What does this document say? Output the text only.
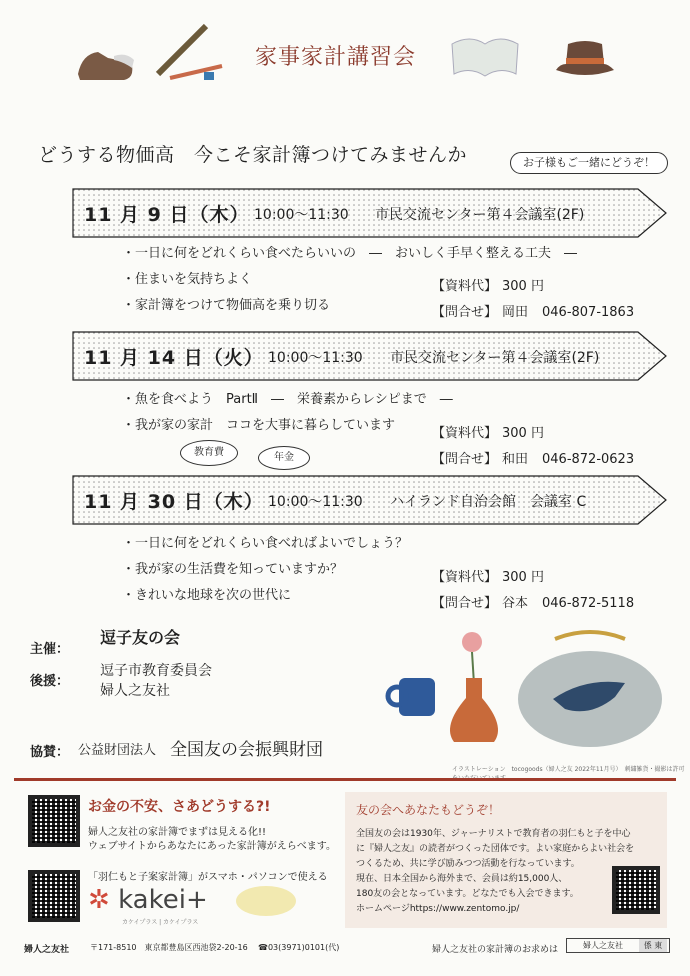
家事家計講習会
どうする物価高　今こそ家計簿つけてみませんか	お子様もご一緒にどうぞ！
11 月 9 日（木） 10:00〜11:30 市民交流センター第４会議室(2F)
・一日に何をどれくらい食べたらいいの　―　おいしく手早く整える工夫　―
・住まいを気持ちよく
・家計簿をつけて物価高を乗り切る
【資料代】 300 円
【問合せ】 岡田 046-807-1863
11 月 14 日（火） 10:00〜11:30 市民交流センター第４会議室(2F)
・魚を食べよう　PartⅡ　―　栄養素からレシピまで　―
・我が家の家計　ココを大事に暮らしています
教育費	年金
【資料代】 300 円
【問合せ】 和田 046-872-0623
11 月 30 日（木） 10:00〜11:30 ハイランド自治会館　会議室 C
・一日に何をどれくらい食べればよいでしょう？
・我が家の生活費を知っていますか？
・きれいな地球を次の世代に
【資料代】 300 円
【問合せ】 谷本 046-872-5118
主催：
逗子友の会
後援：
逗子市教育委員会
婦人之友社
協賛： 公益財団法人 全国友の会振興財団
イラストレーション　tocogoods（婦人之友 2022年11月号）　刺繍雑貨・撮影は許可
お金の不安、さあどうする?!
婦人之友社の家計簿でまずは見える化!!
ウェブサイトからあなたにあった家計簿がえらべます。
「羽仁もと子案家計簿」がスマホ・パソコンで使える
✲ kakei+
カケイプラス | カケイプラス
友の会へあなたもどうぞ！
全国友の会は1930年、ジャーナリストで教育者の羽仁もと子を中心
に『婦人之友』の読者がつくった団体です。よい家庭からよい社会を
つくるため、共に学び励みつつ活動を行なっています。
現在、日本全国から海外まで、会員は約15,000人、
180友の会となっています。どなたでも入会できます。
ホームページhttps://www.zentomo.jp/
婦人之友社	〒171-8510　東京都豊島区西池袋2-20-16 ☎03(3971)0101(代)	婦人之友社の家計簿のお求めは	婦人之友社	係 東
